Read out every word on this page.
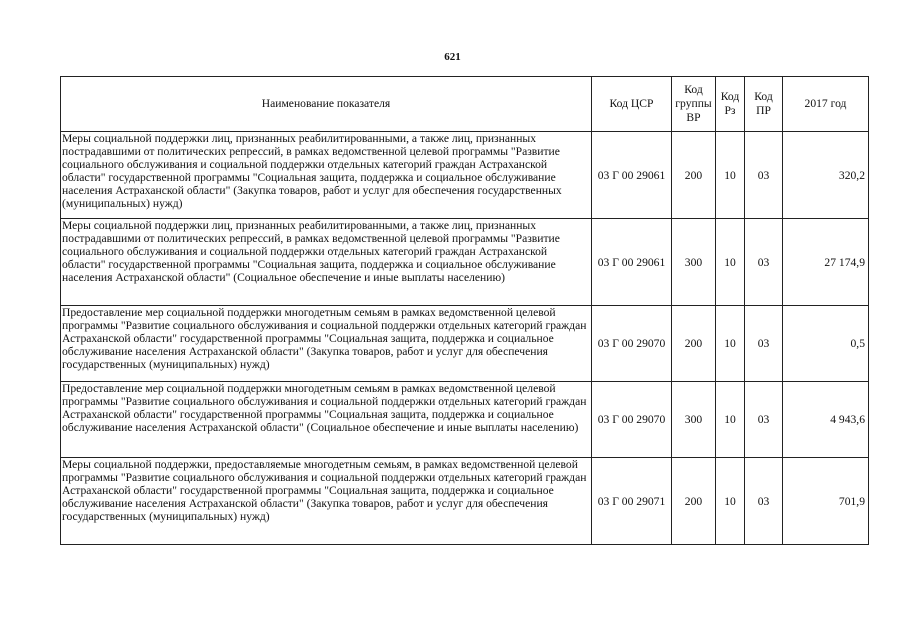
621
Наименование показателя	Код ЦСР	Код группы ВР	Код Рз	Код ПР	2017 год
Меры социальной поддержки лиц, признанных реабилитированными, а также лиц, признанных пострадавшими от политических репрессий, в рамках ведомственной целевой программы "Развитие социального обслуживания и социальной поддержки отдельных категорий граждан Астраханской области" государственной программы "Социальная защита, поддержка и социальное обслуживание населения Астраханской области" (Закупка товаров, работ и услуг для обеспечения государственных (муниципальных) нужд)	03 Г 00 29061	200	10	03	320,2
Меры социальной поддержки лиц, признанных реабилитированными, а также лиц, признанных пострадавшими от политических репрессий, в рамках ведомственной целевой программы "Развитие социального обслуживания и социальной поддержки отдельных категорий граждан Астраханской области" государственной программы "Социальная защита, поддержка и социальное обслуживание населения Астраханской области" (Социальное обеспечение и иные выплаты населению)	03 Г 00 29061	300	10	03	27 174,9
Предоставление мер социальной поддержки многодетным семьям в рамках ведомственной целевой программы "Развитие социального обслуживания и социальной поддержки отдельных категорий граждан Астраханской области" государственной программы "Социальная защита, поддержка и социальное обслуживание населения Астраханской области" (Закупка товаров, работ и услуг для обеспечения государственных (муниципальных) нужд)	03 Г 00 29070	200	10	03	0,5
Предоставление мер социальной поддержки многодетным семьям в рамках ведомственной целевой программы "Развитие социального обслуживания и социальной поддержки отдельных категорий граждан Астраханской области" государственной программы "Социальная защита, поддержка и социальное обслуживание населения Астраханской области" (Социальное обеспечение и иные выплаты населению)	03 Г 00 29070	300	10	03	4 943,6
Меры социальной поддержки, предоставляемые многодетным семьям, в рамках ведомственной целевой программы "Развитие социального обслуживания и социальной поддержки отдельных категорий граждан Астраханской области" государственной программы "Социальная защита, поддержка и социальное обслуживание населения Астраханской области" (Закупка товаров, работ и услуг для обеспечения государственных (муниципальных) нужд)	03 Г 00 29071	200	10	03	701,9
